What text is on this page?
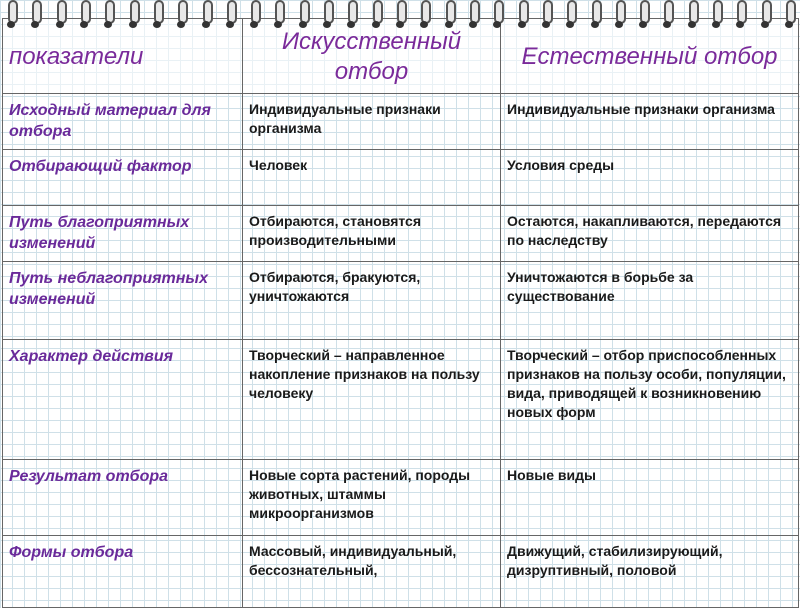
показатели	Искусственный отбор	Естественный отбор
Исходный материал для отбора	Индивидуальные признаки организма	Индивидуальные признаки организма
Отбирающий фактор	Человек	Условия среды
Путь благоприятных изменений	Отбираются, становятся производительными	Остаются, накапливаются, передаются по наследству
Путь неблагоприятных изменений	Отбираются, бракуются, уничтожаются	Уничтожаются в борьбе за существование
Характер действия	Творческий – направленное накопление признаков на пользу человеку	Творческий – отбор приспособленных признаков на пользу особи, популяции, вида, приводящей к возникновению новых форм
Результат отбора	Новые сорта растений, породы животных, штаммы микроорганизмов	Новые виды
Формы отбора	Массовый, индивидуальный, бессознательный,	Движущий, стабилизирующий, дизруптивный, половой
